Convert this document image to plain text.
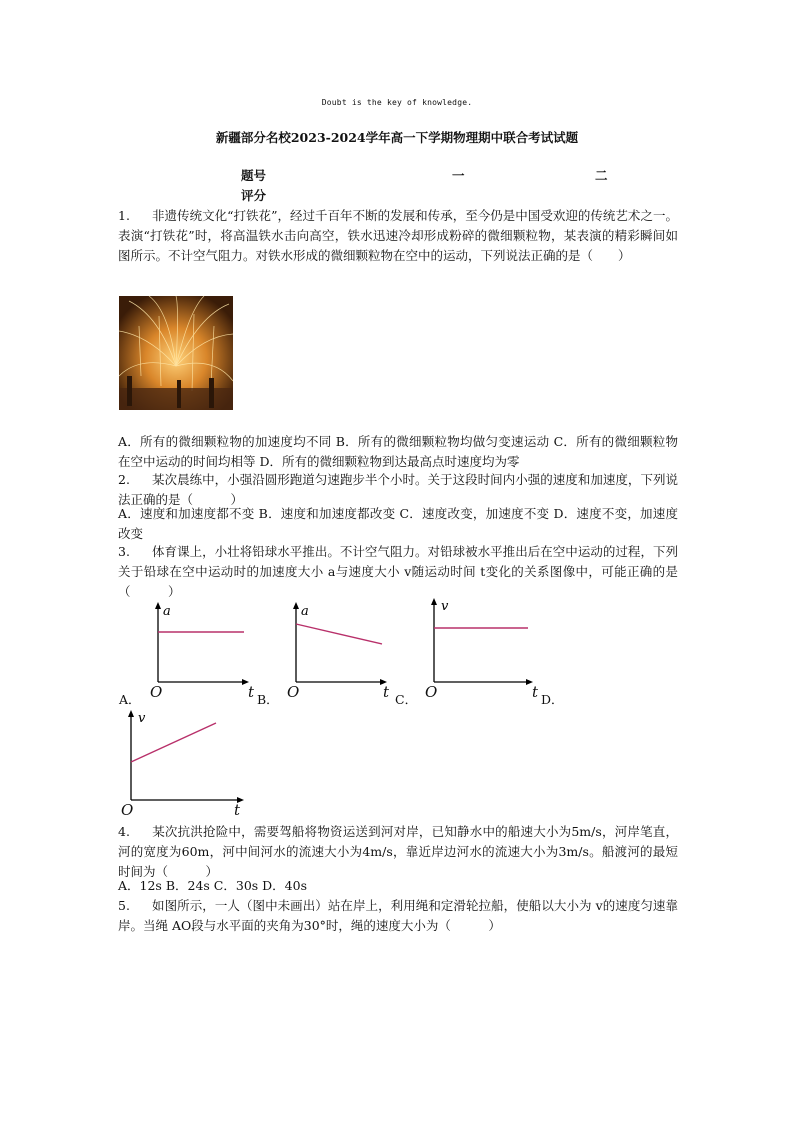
Doubt is the key of knowledge.
新疆部分名校2023-2024学年高一下学期物理期中联合考试试题
题号	一	二
评分
1. 非遗传统文化“打铁花”，经过千百年不断的发展和传承，至今仍是中国受欢迎的传统艺术之一。表演“打铁花”时，将高温铁水击向高空，铁水迅速冷却形成粉碎的微细颗粒物，某表演的精彩瞬间如图所示。不计空气阻力。对铁水形成的微细颗粒物在空中的运动，下列说法正确的是（　　）
A．所有的微细颗粒物的加速度均不同 B．所有的微细颗粒物均做匀变速运动 C．所有的微细颗粒物在空中运动的时间均相等 D．所有的微细颗粒物到达最高点时速度均为零
2. 某次晨练中，小强沿圆形跑道匀速跑步半个小时。关于这段时间内小强的速度和加速度，下列说法正确的是（　　　）
A．速度和加速度都不变 B．速度和加速度都改变 C．速度改变，加速度不变 D．速度不变，加速度改变
3. 体育课上，小壮将铅球水平推出。不计空气阻力。对铅球被水平推出后在空中运动的过程，下列关于铅球在空中运动时的加速度大小 a与速度大小 v随运动时间 t变化的关系图像中，可能正确的是（　　　）
a
O	t
A．
a
O	t
B．
v
O	t
C．	D．
v
O	t
4. 某次抗洪抢险中，需要驾船将物资运送到河对岸，已知静水中的船速大小为5m/s，河岸笔直，河的宽度为60m，河中间河水的流速大小为4m/s，靠近岸边河水的流速大小为3m/s。船渡河的最短时间为（　　　）
A．12s B．24s C．30s D．40s
5. 如图所示，一人（图中未画出）站在岸上，利用绳和定滑轮拉船，使船以大小为 v的速度匀速靠岸。当绳 AO段与水平面的夹角为30°时，绳的速度大小为（　　　）
